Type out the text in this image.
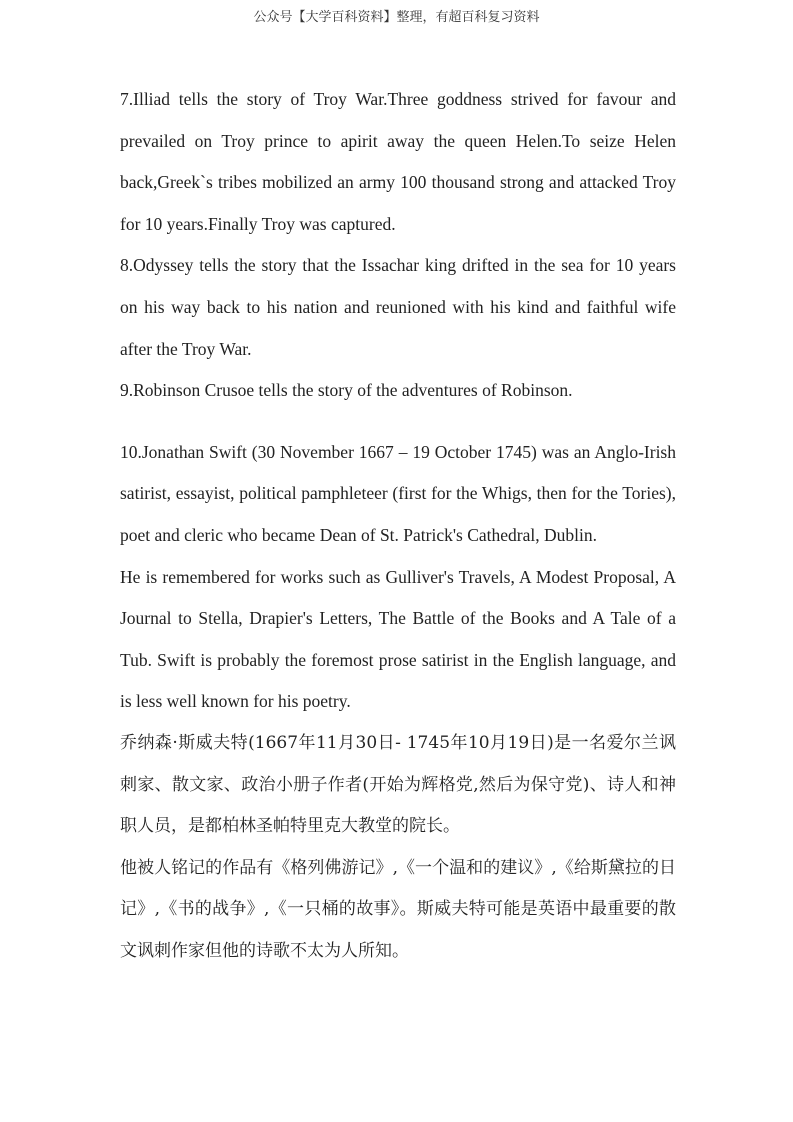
公众号【大学百科资料】整理，有超百科复习资料

7.Illiad tells the story of Troy War.Three goddness strived for favour and prevailed on Troy prince to apirit away the queen Helen.To seize Helen back,Greek`s tribes mobilized an army 100 thousand strong and attacked Troy for 10 years.Finally Troy was captured.

8.Odyssey tells the story that the Issachar king drifted in the sea for 10 years on his way back to his nation and reunioned with his kind and faithful wife after the Troy War.

9.Robinson Crusoe tells the story of the adventures of Robinson.

10.Jonathan Swift (30 November 1667 – 19 October 1745) was an Anglo-Irish satirist, essayist, political pamphleteer (first for the Whigs, then for the Tories), poet and cleric who became Dean of St. Patrick's Cathedral, Dublin.

He is remembered for works such as Gulliver's Travels, A Modest Proposal, A Journal to Stella, Drapier's Letters, The Battle of the Books and A Tale of a Tub. Swift is probably the foremost prose satirist in the English language, and is less well known for his poetry.

乔纳森·斯威夫特(1667年11月30日- 1745年10月19日)是一名爱尔兰讽刺家、散文家、政治小册子作者(开始为辉格党,然后为保守党)、诗人和神职人员，是都柏林圣帕特里克大教堂的院长。

他被人铭记的作品有《格列佛游记》,《一个温和的建议》,《给斯黛拉的日记》,《书的战争》,《一只桶的故事》。斯威夫特可能是英语中最重要的散文讽刺作家但他的诗歌不太为人所知。
